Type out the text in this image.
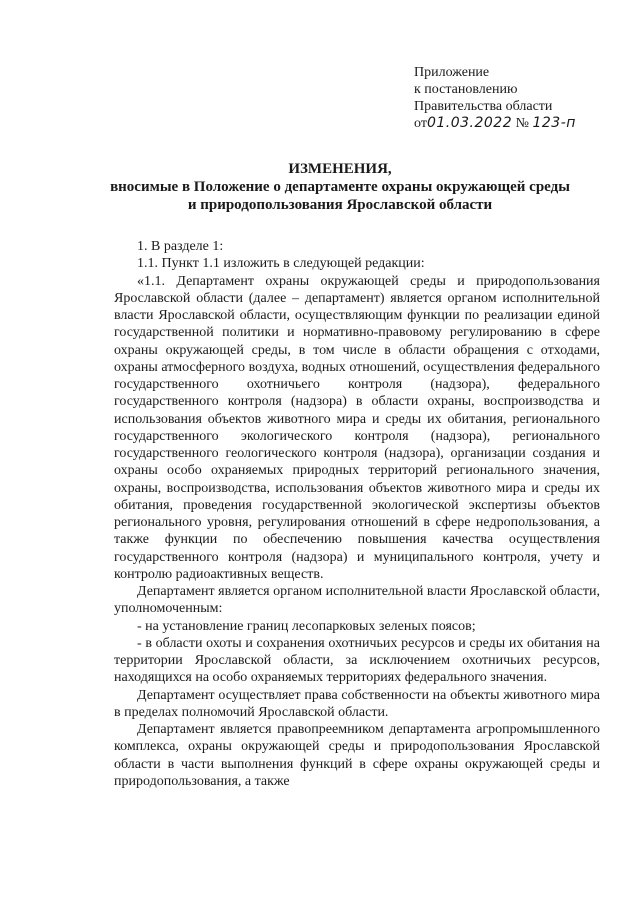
Приложение
к постановлению
Правительства области
от01.03.2022 № 123-п
ИЗМЕНЕНИЯ,
вносимые в Положение о департаменте охраны окружающей среды
и природопользования Ярославской области

1. В разделе 1:

1.1. Пункт 1.1 изложить в следующей редакции:

«1.1. Департамент охраны окружающей среды и природопользования Ярославской области (далее – департамент) является органом исполнительной власти Ярославской области, осуществляющим функции по реализации единой государственной политики и нормативно-правовому регулированию в сфере охраны окружающей среды, в том числе в области обращения с отходами, охраны атмосферного воздуха, водных отношений, осуществления федерального государственного охотничьего контроля (надзора), федерального государственного контроля (надзора) в области охраны, воспроизводства и использования объектов животного мира и среды их обитания, регионального государственного экологического контроля (надзора), регионального государственного геологического контроля (надзора), организации создания и охраны особо охраняемых природных территорий регионального значения, охраны, воспроизводства, использования объектов животного мира и среды их обитания, проведения государственной экологической экспертизы объектов регионального уровня, регулирования отношений в сфере недропользования, а также функции по обеспечению повышения качества осуществления государственного контроля (надзора) и муниципального контроля, учету и контролю радиоактивных веществ.

Департамент является органом исполнительной власти Ярославской области, уполномоченным:

- на установление границ лесопарковых зеленых поясов;

- в области охоты и сохранения охотничьих ресурсов и среды их обитания на территории Ярославской области, за исключением охотничьих ресурсов, находящихся на особо охраняемых территориях федерального значения.

Департамент осуществляет права собственности на объекты животного мира в пределах полномочий Ярославской области.

Департамент является правопреемником департамента агропромышленного комплекса, охраны окружающей среды и природопользования Ярославской области в части выполнения функций в сфере охраны окружающей среды и природопользования, а также
